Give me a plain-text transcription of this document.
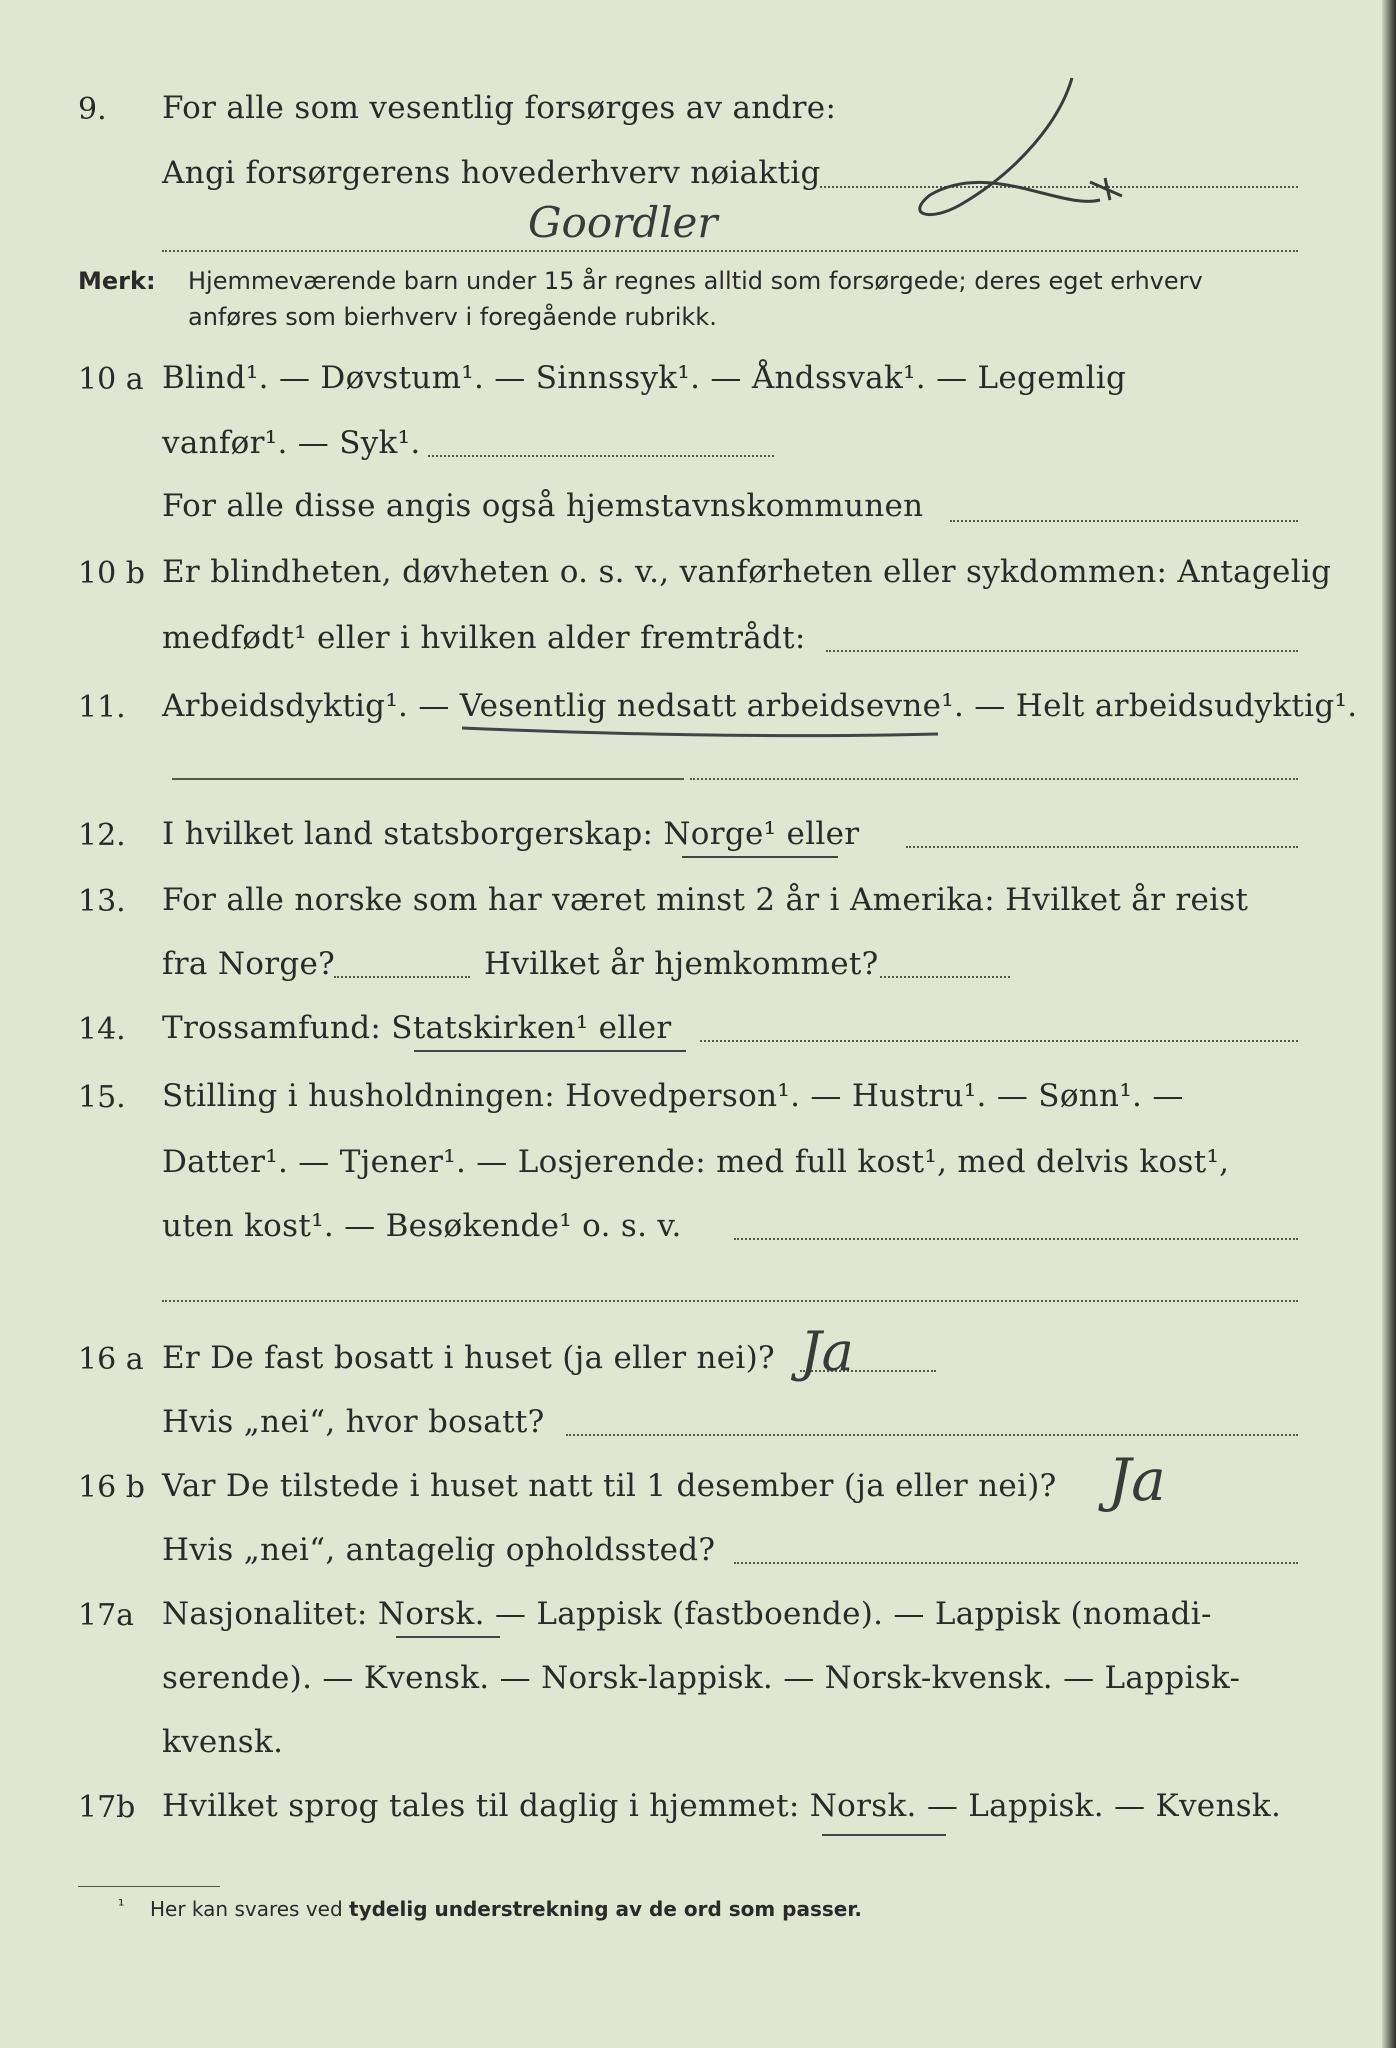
9. For alle som vesentlig forsørges av andre:
Angi forsørgerens hovederhverv nøiaktig
Goordler
Merk: Hjemmeværende barn under 15 år regnes alltid som forsørgede; deres eget erhverv
anføres som bierhverv i foregående rubrikk.
10 a Blind¹. — Døvstum¹. — Sinnssyk¹. — Åndssvak¹. — Legemlig
vanfør¹. — Syk¹.
For alle disse angis også hjemstavnskommunen
10 b Er blindheten, døvheten o. s. v., vanførheten eller sykdommen: Antagelig
medfødt¹ eller i hvilken alder fremtrådt:
11. Arbeidsdyktig¹. — Vesentlig nedsatt arbeidsevne¹. — Helt arbeidsudyktig¹.
12. I hvilket land statsborgerskap: Norge¹ eller
13. For alle norske som har været minst 2 år i Amerika: Hvilket år reist
fra Norge?	Hvilket år hjemkommet?
14. Trossamfund: Statskirken¹ eller
15. Stilling i husholdningen: Hovedperson¹. — Hustru¹. — Sønn¹. —
Datter¹. — Tjener¹. — Losjerende: med full kost¹, med delvis kost¹,
uten kost¹. — Besøkende¹ o. s. v.
16 a Er De fast bosatt i huset (ja eller nei)? Ja
Hvis „nei“, hvor bosatt?
16 b Var De tilstede i huset natt til 1 desember (ja eller nei)? Ja
Hvis „nei“, antagelig opholdssted?
17a Nasjonalitet: Norsk. — Lappisk (fastboende). — Lappisk (nomadi-
serende). — Kvensk. — Norsk-lappisk. — Norsk-kvensk. — Lappisk-
kvensk.
17b Hvilket sprog tales til daglig i hjemmet: Norsk. — Lappisk. — Kvensk.
¹ Her kan svares ved tydelig understrekning av de ord som passer.
